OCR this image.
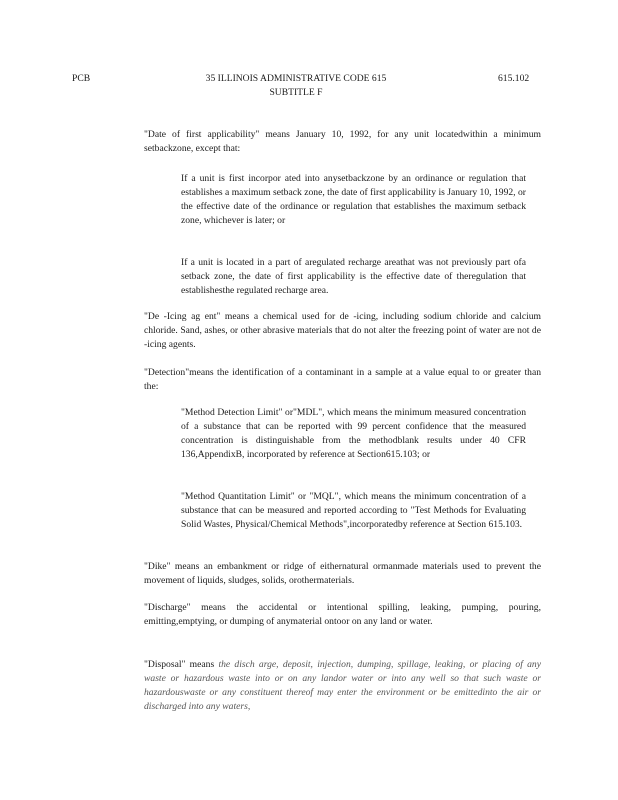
PCB	35 ILLINOIS ADMINISTRATIVE CODE 615
SUBTITLE F
615.102

"Date of first applicability" means January 10, 1992, for any unit locatedwithin a minimum setbackzone, except that:

If a unit is first incorpor ated into anysetbackzone by an ordinance or regulation that establishes a maximum setback zone, the date of first applicability is January 10, 1992, or the effective date of the ordinance or regulation that establishes the maximum setback zone, whichever is later; or

If a unit is located in a part of aregulated recharge areathat was not previously part ofa setback zone, the date of first applicability is the effective date of theregulation that establishesthe regulated recharge area.

"De -Icing ag ent" means a chemical used for de -icing, including sodium chloride and calcium chloride. Sand, ashes, or other abrasive materials that do not alter the freezing point of water are not de -icing agents.

"Detection"means the identification of a contaminant in a sample at a value equal to or greater than the:

"Method Detection Limit" or"MDL", which means the minimum measured concentration of a substance that can be reported with 99 percent confidence that the measured concentration is distinguishable from the methodblank results under 40 CFR 136,AppendixB, incorporated by reference at Section615.103; or

"Method Quantitation Limit" or "MQL", which means the minimum concentration of a substance that can be measured and reported according to "Test Methods for Evaluating Solid Wastes, Physical/Chemical Methods",incorporatedby reference at Section 615.103.

"Dike" means an embankment or ridge of eithernatural ormanmade materials used to prevent the movement of liquids, sludges, solids, orothermaterials.

"Discharge" means the accidental or intentional spilling, leaking, pumping, pouring, emitting,emptying, or dumping of anymaterial ontoor on any land or water.

"Disposal" means the disch arge, deposit, injection, dumping, spillage, leaking, or placing of any waste or hazardous waste into or on any landor water or into any well so that such waste or hazardouswaste or any constituent thereof may enter the environment or be emittedinto the air or discharged into any waters,
